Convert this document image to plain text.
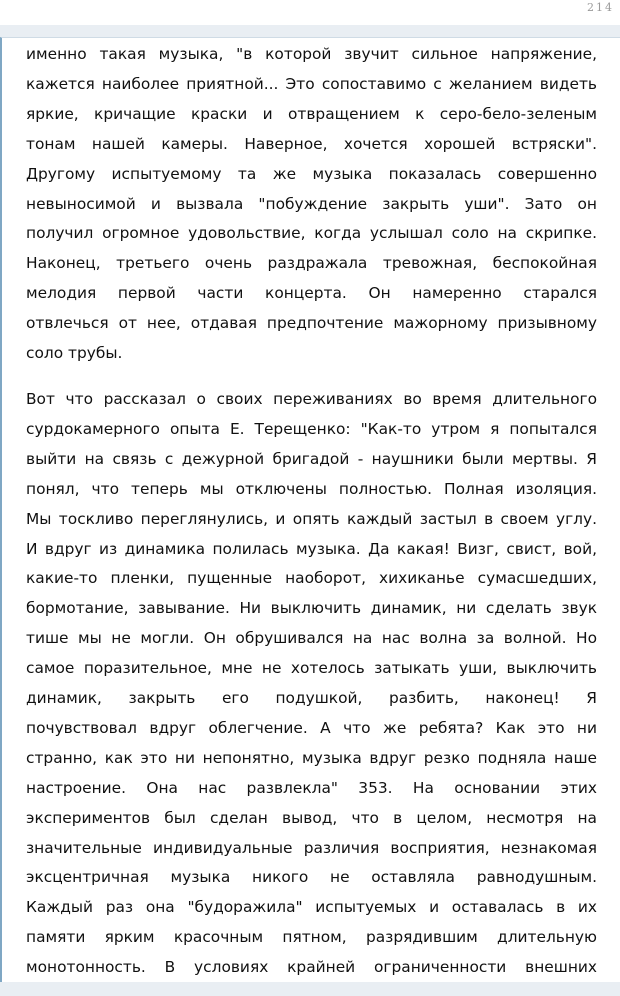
214
именно такая музыка, "в которой звучит сильное напряжение,
кажется наиболее приятной... Это сопоставимо с желанием видеть
яркие, кричащие краски и отвращением к серо-бело-зеленым
тонам нашей камеры. Наверное, хочется хорошей встряски".
Другому испытуемому та же музыка показалась совершенно
невыносимой и вызвала "побуждение закрыть уши". Зато он
получил огромное удовольствие, когда услышал соло на скрипке.
Наконец, третьего очень раздражала тревожная, беспокойная
мелодия первой части концерта. Он намеренно старался
отвлечься от нее, отдавая предпочтение мажорному призывному
соло трубы.
Вот что рассказал о своих переживаниях во время длительного
сурдокамерного опыта Е. Терещенко: "Как-то утром я попытался
выйти на связь с дежурной бригадой - наушники были мертвы. Я
понял, что теперь мы отключены полностью. Полная изоляция.
Мы тоскливо переглянулись, и опять каждый застыл в своем углу.
И вдруг из динамика полилась музыка. Да какая! Визг, свист, вой,
какие-то пленки, пущенные наоборот, хихиканье сумасшедших,
бормотание, завывание. Ни выключить динамик, ни сделать звук
тише мы не могли. Он обрушивался на нас волна за волной. Но
самое поразительное, мне не хотелось затыкать уши, выключить
динамик, закрыть его подушкой, разбить, наконец! Я
почувствовал вдруг облегчение. А что же ребята? Как это ни
странно, как это ни непонятно, музыка вдруг резко подняла наше
настроение. Она нас развлекла" 353. На основании этих
экспериментов был сделан вывод, что в целом, несмотря на
значительные индивидуальные различия восприятия, незнакомая
эксцентричная музыка никого не оставляла равнодушным.
Каждый раз она "будоражила" испытуемых и оставалась в их
памяти ярким красочным пятном, разрядившим длительную
монотонность. В условиях крайней ограниченности внешних
